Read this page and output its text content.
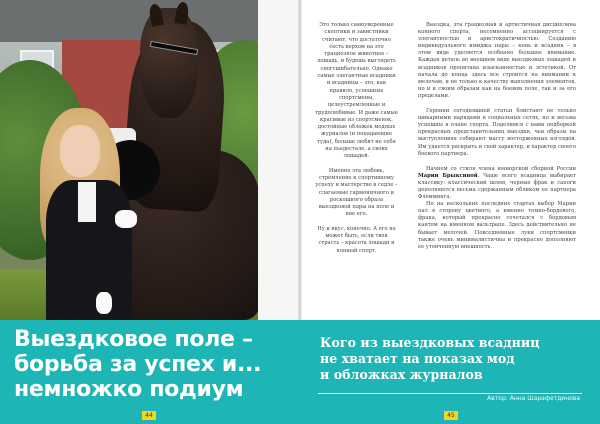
Это только самоуверенные скептики и завистники считают, что достаточно сесть верхом на это грациозное животное – лошадь, и будешь выглядеть сногсшибательно. Однако самые элегантные всадники и всадницы – это, как правило, успешные спортсмены, целеустремленные и трудолюбивые. И даже самые красивые из спортсменок, достойные обложек модных журналов (и попадающие туда), больше любят не себя на пьедестале, а своих лошадей.

Именно эта любовь, стремление к спортивному успеху и мастерство в седле – слагаемые гармоничного и роскошного образа выездковой пары на поле и вне его.

Ну и вкус, конечно. А его не может быть, если твоя страсть – красота лошади и конный спорт.

Выездка, эта грациозная и артистичная дисциплина конного спорта, несомненно ассоциируется с элегантностью и аристократичностью. Созданию индивидуального имиджа пары – конь и всадник – в этом виде уделяется особенно большое внимание. Каждая деталь во внешнем виде выездковых лошадей и всадников пропитана изысканностью и эстетикой. От начала до конца здесь все строится на внимании к мелочам, и не только к качеству выполнения элементов, но и к своим образам как на боевом поле, так и за его пределами.

Героини сегодняшней статьи блистают не только шикарными нарядами в социальных сетях, но и весьма успешны в плане спорта. Поделимся с вами подборкой прекрасных представительниц выездки, чьи образы на выступлениях собирают массу восторженных взглядов. Им удается раскрыть и свой характер, и характер своего боевого партнера.

Начнем со стиля члена юниорской сборной России Марии Брыксиной. Чаще всего всадница выбирает классику: классический шлем, черные фрак и сапоги дополняются весьма сдержанным обликом ее партнера Флемминга.

Но на нескольких последних стартах выбор Марии пал в сторону цветного, а именно темно-бордового, фрака, который прекрасно сочетался с бордовым кантом на именном вальтрапе. Здесь действительно не бывает мелочей. Повседневные луки спортсменки также очень минималистичны и прекрасно дополняют ее утонченную внешность.

Выездковое поле –
борьба за успех и...
немножко подиум
Кого из выездковых всадниц
не хватает на показах мод
и обложках журналов
Автор: Анна Шарафетдинова
44	45
